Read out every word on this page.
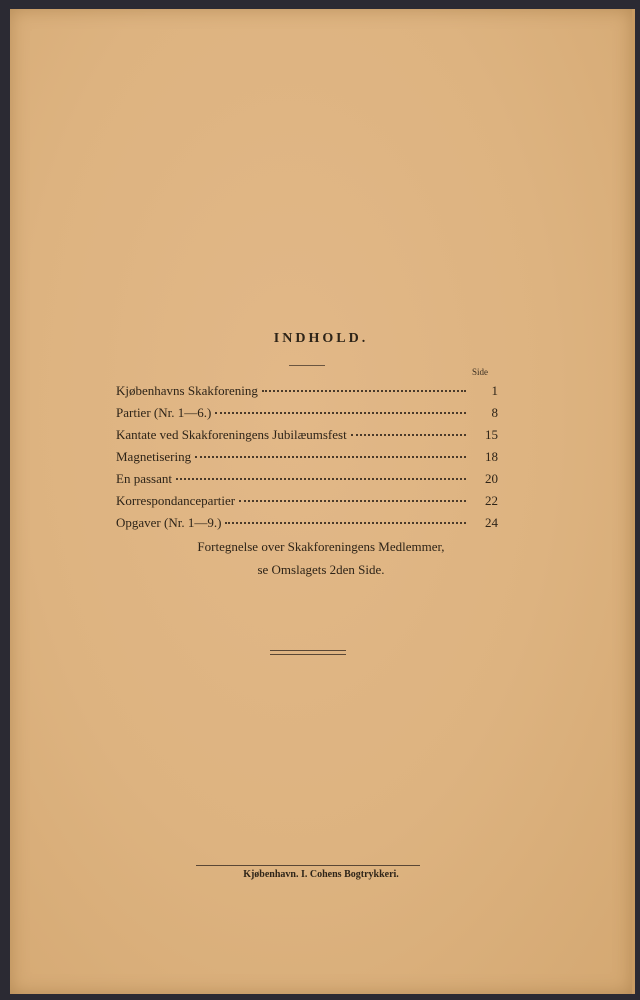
INDHOLD.
Side
Kjøbenhavns Skakforening	1
Partier (Nr. 1—6.)	8
Kantate ved Skakforeningens Jubilæumsfest	15
Magnetisering	18
En passant	20
Korrespondancepartier	22
Opgaver (Nr. 1—9.)	24
Fortegnelse over Skakforeningens Medlemmer,
se Omslagets 2den Side.
Kjøbenhavn. I. Cohens Bogtrykkeri.
